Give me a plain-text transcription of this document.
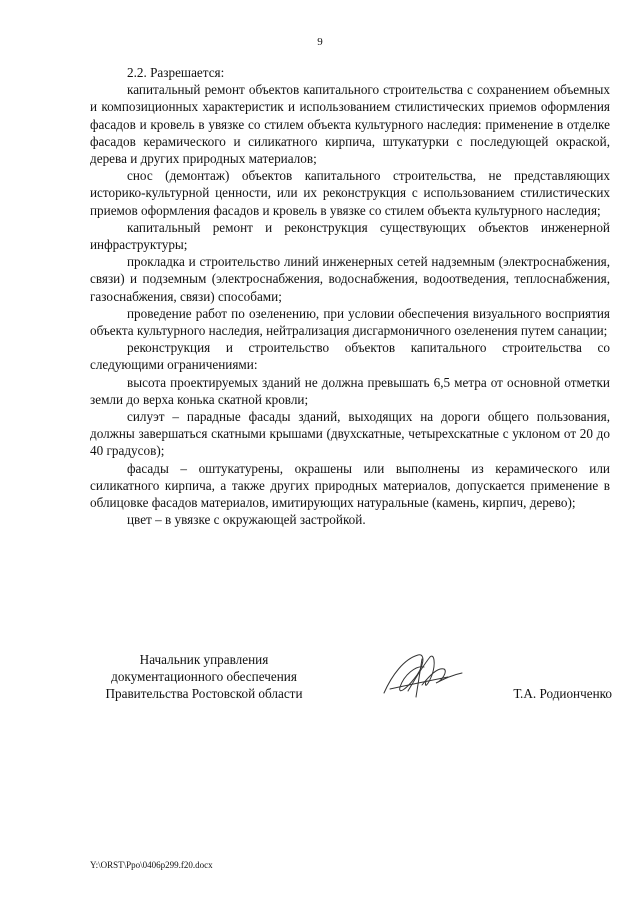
9

2.2. Разрешается:

капитальный ремонт объектов капитального строительства с сохранением объемных и композиционных характеристик и использованием стилистических приемов оформления фасадов и кровель в увязке со стилем объекта культурного наследия: применение в отделке фасадов керамического и силикатного кирпича, штукатурки с последующей окраской, дерева и других природных материалов;

снос (демонтаж) объектов капитального строительства, не представляющих историко-культурной ценности, или их реконструкция с использованием стилистических приемов оформления фасадов и кровель в увязке со стилем объекта культурного наследия;

капитальный ремонт и реконструкция существующих объектов инженерной инфраструктуры;

прокладка и строительство линий инженерных сетей надземным (электроснабжения, связи) и подземным (электроснабжения, водоснабжения, водоотведения, теплоснабжения, газоснабжения, связи) способами;

проведение работ по озеленению, при условии обеспечения визуального восприятия объекта культурного наследия, нейтрализация дисгармоничного озеленения путем санации;

реконструкция и строительство объектов капитального строительства со следующими ограничениями:

высота проектируемых зданий не должна превышать 6,5 метра от основной отметки земли до верха конька скатной кровли;

силуэт – парадные фасады зданий, выходящих на дороги общего пользования, должны завершаться скатными крышами (двухскатные, четырехскатные с уклоном от 20 до 40 градусов);

фасады – оштукатурены, окрашены или выполнены из керамического или силикатного кирпича, а также других природных материалов, допускается применение в облицовке фасадов материалов, имитирующих натуральные (камень, кирпич, дерево);

цвет – в увязке с окружающей застройкой.

Начальник управления
документационного обеспечения
Правительства Ростовской области	Т.А. Родионченко
Y:\ORST\Ppo\0406p299.f20.docx
